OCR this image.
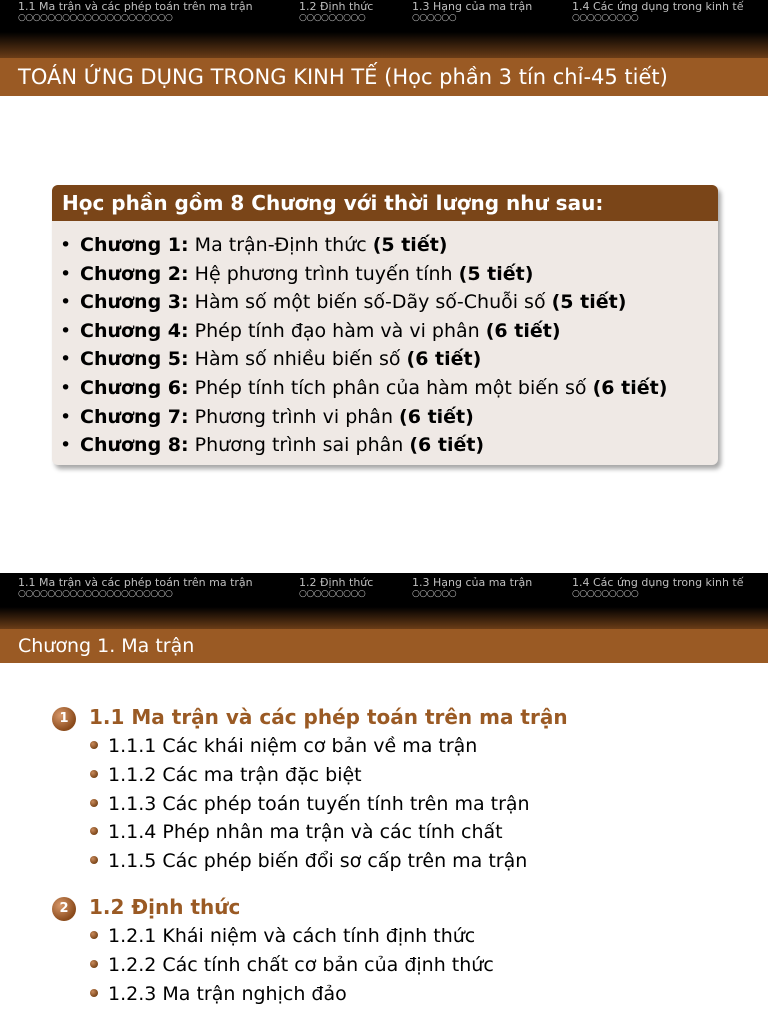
1.1 Ma trận và các phép toán trên ma trận
○○○○○○○○○○○○○○○○○○○○○
1.2 Định thức
○○○○○○○○○
1.3 Hạng của ma trận
○○○○○○
1.4 Các ứng dụng trong kinh tế
○○○○○○○○○
TOÁN ỨNG DỤNG TRONG KINH TẾ (Học phần 3 tín chỉ-45 tiết)
Học phần gồm 8 Chương với thời lượng như sau:
• Chương 1: Ma trận-Định thức (5 tiết)
• Chương 2: Hệ phương trình tuyến tính (5 tiết)
• Chương 3: Hàm số một biến số-Dãy số-Chuỗi số (5 tiết)
• Chương 4: Phép tính đạo hàm và vi phân (6 tiết)
• Chương 5: Hàm số nhiều biến số (6 tiết)
• Chương 6: Phép tính tích phân của hàm một biến số (6 tiết)
• Chương 7: Phương trình vi phân (6 tiết)
• Chương 8: Phương trình sai phân (6 tiết)
1.1 Ma trận và các phép toán trên ma trận
○○○○○○○○○○○○○○○○○○○○○
1.2 Định thức
○○○○○○○○○
1.3 Hạng của ma trận
○○○○○○
1.4 Các ứng dụng trong kinh tế
○○○○○○○○○
Chương 1. Ma trận
1	1.1 Ma trận và các phép toán trên ma trận
1.1.1 Các khái niệm cơ bản về ma trận
1.1.2 Các ma trận đặc biệt
1.1.3 Các phép toán tuyến tính trên ma trận
1.1.4 Phép nhân ma trận và các tính chất
1.1.5 Các phép biến đổi sơ cấp trên ma trận
2	1.2 Định thức
1.2.1 Khái niệm và cách tính định thức
1.2.2 Các tính chất cơ bản của định thức
1.2.3 Ma trận nghịch đảo
